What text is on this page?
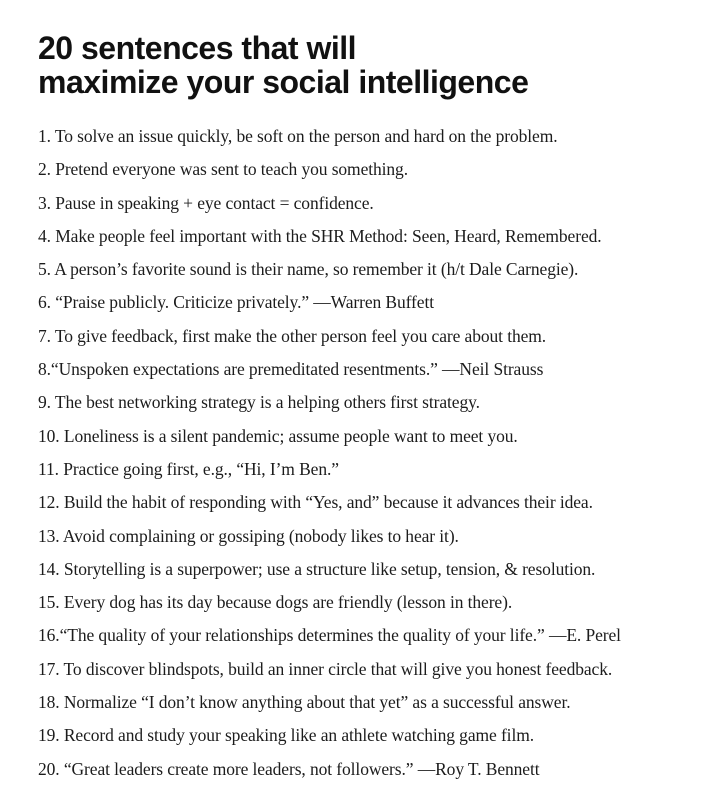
20 sentences that will
maximize your social intelligence
1. To solve an issue quickly, be soft on the person and hard on the problem.
2. Pretend everyone was sent to teach you something.
3. Pause in speaking + eye contact = confidence.
4. Make people feel important with the SHR Method: Seen, Heard, Remembered.
5. A person’s favorite sound is their name, so remember it (h/t Dale Carnegie).
6. “Praise publicly. Criticize privately.” —Warren Buffett
7. To give feedback, first make the other person feel you care about them.
8.“Unspoken expectations are premeditated resentments.” —Neil Strauss
9. The best networking strategy is a helping others first strategy.
10. Loneliness is a silent pandemic; assume people want to meet you.
11. Practice going first, e.g., “Hi, I’m Ben.”
12. Build the habit of responding with “Yes, and” because it advances their idea.
13. Avoid complaining or gossiping (nobody likes to hear it).
14. Storytelling is a superpower; use a structure like setup, tension, & resolution.
15. Every dog has its day because dogs are friendly (lesson in there).
16.“The quality of your relationships determines the quality of your life.” —E. Perel
17. To discover blindspots, build an inner circle that will give you honest feedback.
18. Normalize “I don’t know anything about that yet” as a successful answer.
19. Record and study your speaking like an athlete watching game film.
20. “Great leaders create more leaders, not followers.” —Roy T. Bennett
